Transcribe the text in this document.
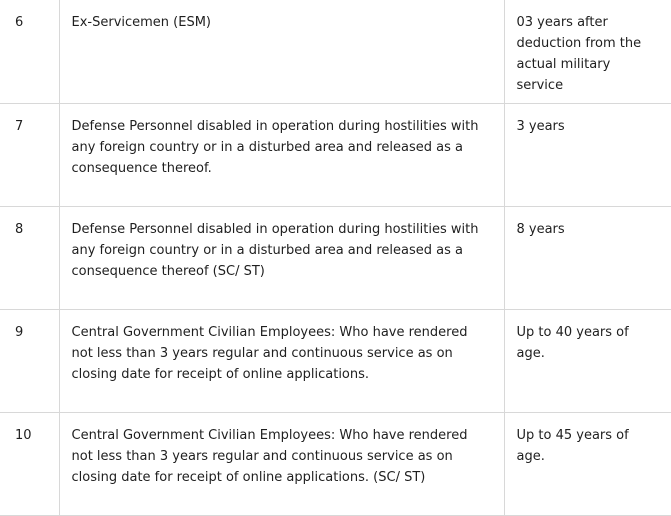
6	Ex-Servicemen (ESM)	03 years after deduction from the actual military service
7	Defense Personnel disabled in operation during hostilities with any foreign country or in a disturbed area and released as a consequence thereof.	3 years
8	Defense Personnel disabled in operation during hostilities with any foreign country or in a disturbed area and released as a consequence thereof (SC/ ST)	8 years
9	Central Government Civilian Employees: Who have rendered not less than 3 years regular and continuous service as on closing date for receipt of online applications.	Up to 40 years of age.
10	Central Government Civilian Employees: Who have rendered not less than 3 years regular and continuous service as on closing date for receipt of online applications. (SC/ ST)	Up to 45 years of age.
